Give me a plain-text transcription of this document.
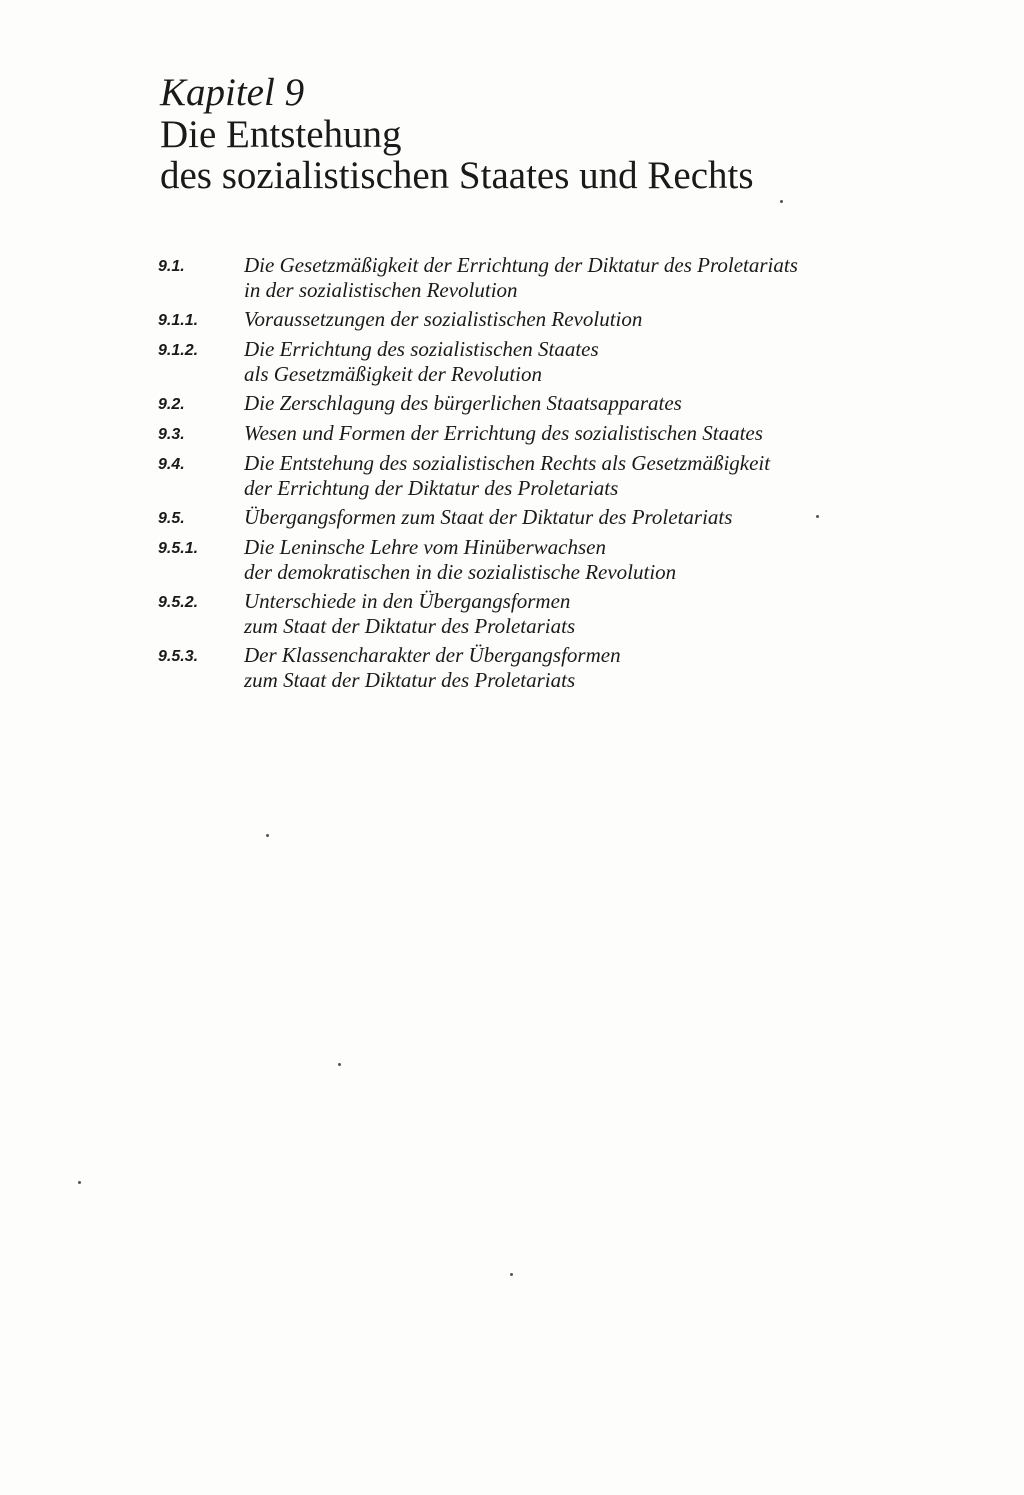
Kapitel 9

Die Entstehung
des sozialistischen Staates und Rechts
9.1.	Die Gesetzmäßigkeit der Errichtung der Diktatur des Proletariats
in der sozialistischen Revolution
9.1.1.	Voraussetzungen der sozialistischen Revolution
9.1.2.	Die Errichtung des sozialistischen Staates
als Gesetzmäßigkeit der Revolution
9.2.	Die Zerschlagung des bürgerlichen Staatsapparates
9.3.	Wesen und Formen der Errichtung des sozialistischen Staates
9.4.	Die Entstehung des sozialistischen Rechts als Gesetzmäßigkeit
der Errichtung der Diktatur des Proletariats
9.5.	Übergangsformen zum Staat der Diktatur des Proletariats
9.5.1.	Die Leninsche Lehre vom Hinüberwachsen
der demokratischen in die sozialistische Revolution
9.5.2.	Unterschiede in den Übergangsformen
zum Staat der Diktatur des Proletariats
9.5.3.	Der Klassencharakter der Übergangsformen
zum Staat der Diktatur des Proletariats
